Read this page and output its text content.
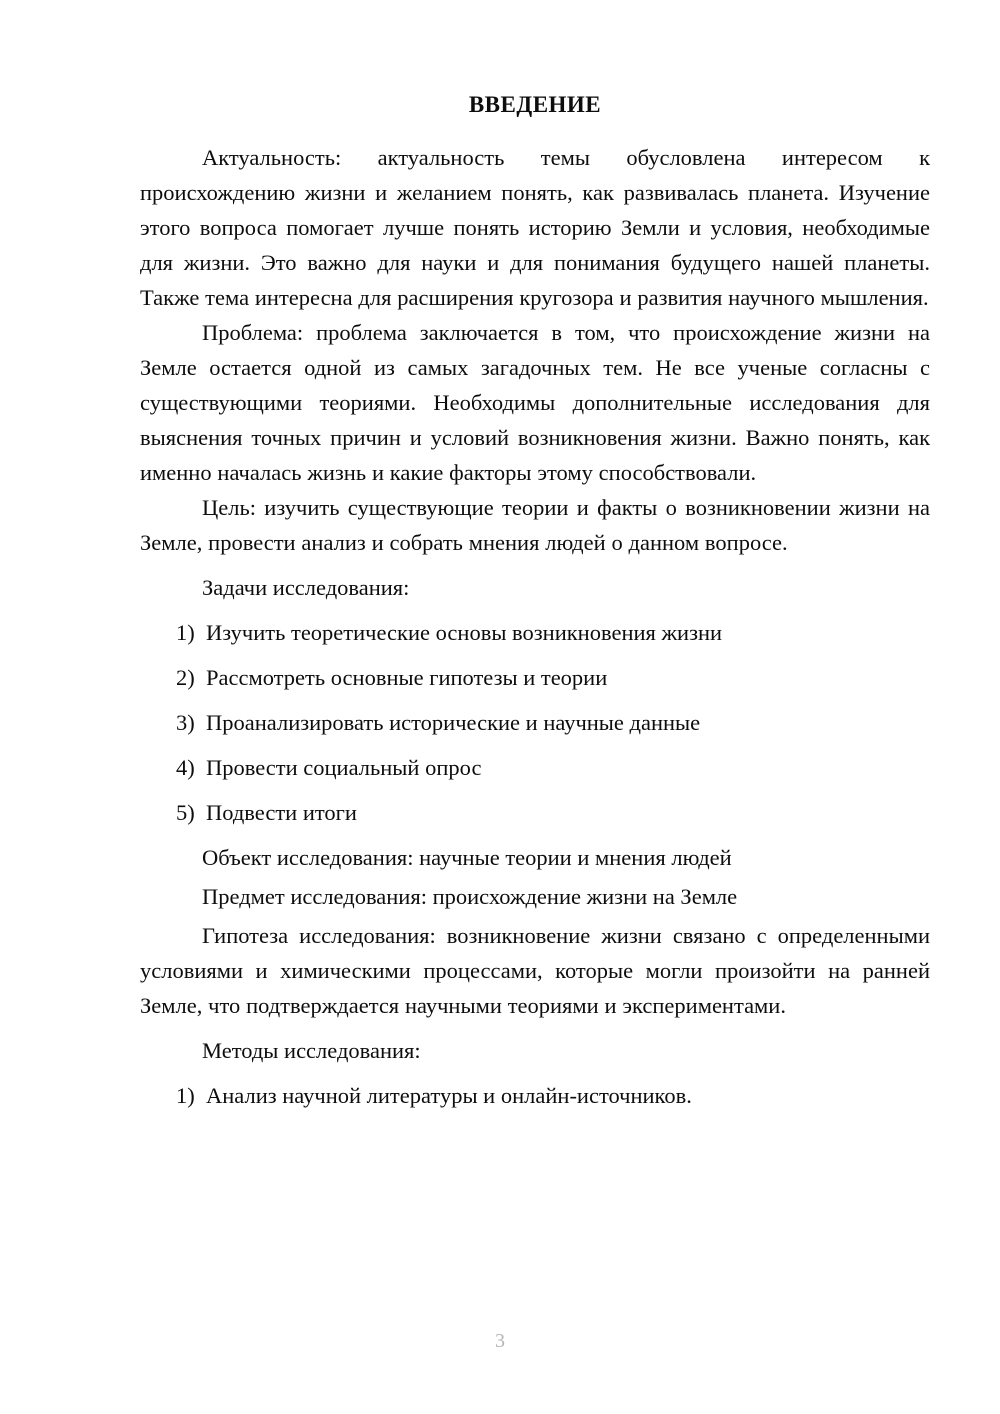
ВВЕДЕНИЕ

Актуальность: актуальность темы обусловлена интересом к происхождению жизни и желанием понять, как развивалась планета. Изучение этого вопроса помогает лучше понять историю Земли и условия, необходимые для жизни. Это важно для науки и для понимания будущего нашей планеты. Также тема интересна для расширения кругозора и развития научного мышления.

Проблема: проблема заключается в том, что происхождение жизни на Земле остается одной из самых загадочных тем. Не все ученые согласны с существующими теориями. Необходимы дополнительные исследования для выяснения точных причин и условий возникновения жизни. Важно понять, как именно началась жизнь и какие факторы этому способствовали.

Цель: изучить существующие теории и факты о возникновении жизни на Земле, провести анализ и собрать мнения людей о данном вопросе.

Задачи исследования:

1) Изучить теоретические основы возникновения жизни
2) Рассмотреть основные гипотезы и теории
3) Проанализировать исторические и научные данные
4) Провести социальный опрос
5) Подвести итоги

Объект исследования: научные теории и мнения людей

Предмет исследования: происхождение жизни на Земле

Гипотеза исследования: возникновение жизни связано с определенными условиями и химическими процессами, которые могли произойти на ранней Земле, что подтверждается научными теориями и экспериментами.

Методы исследования:

1) Анализ научной литературы и онлайн-источников.
3
